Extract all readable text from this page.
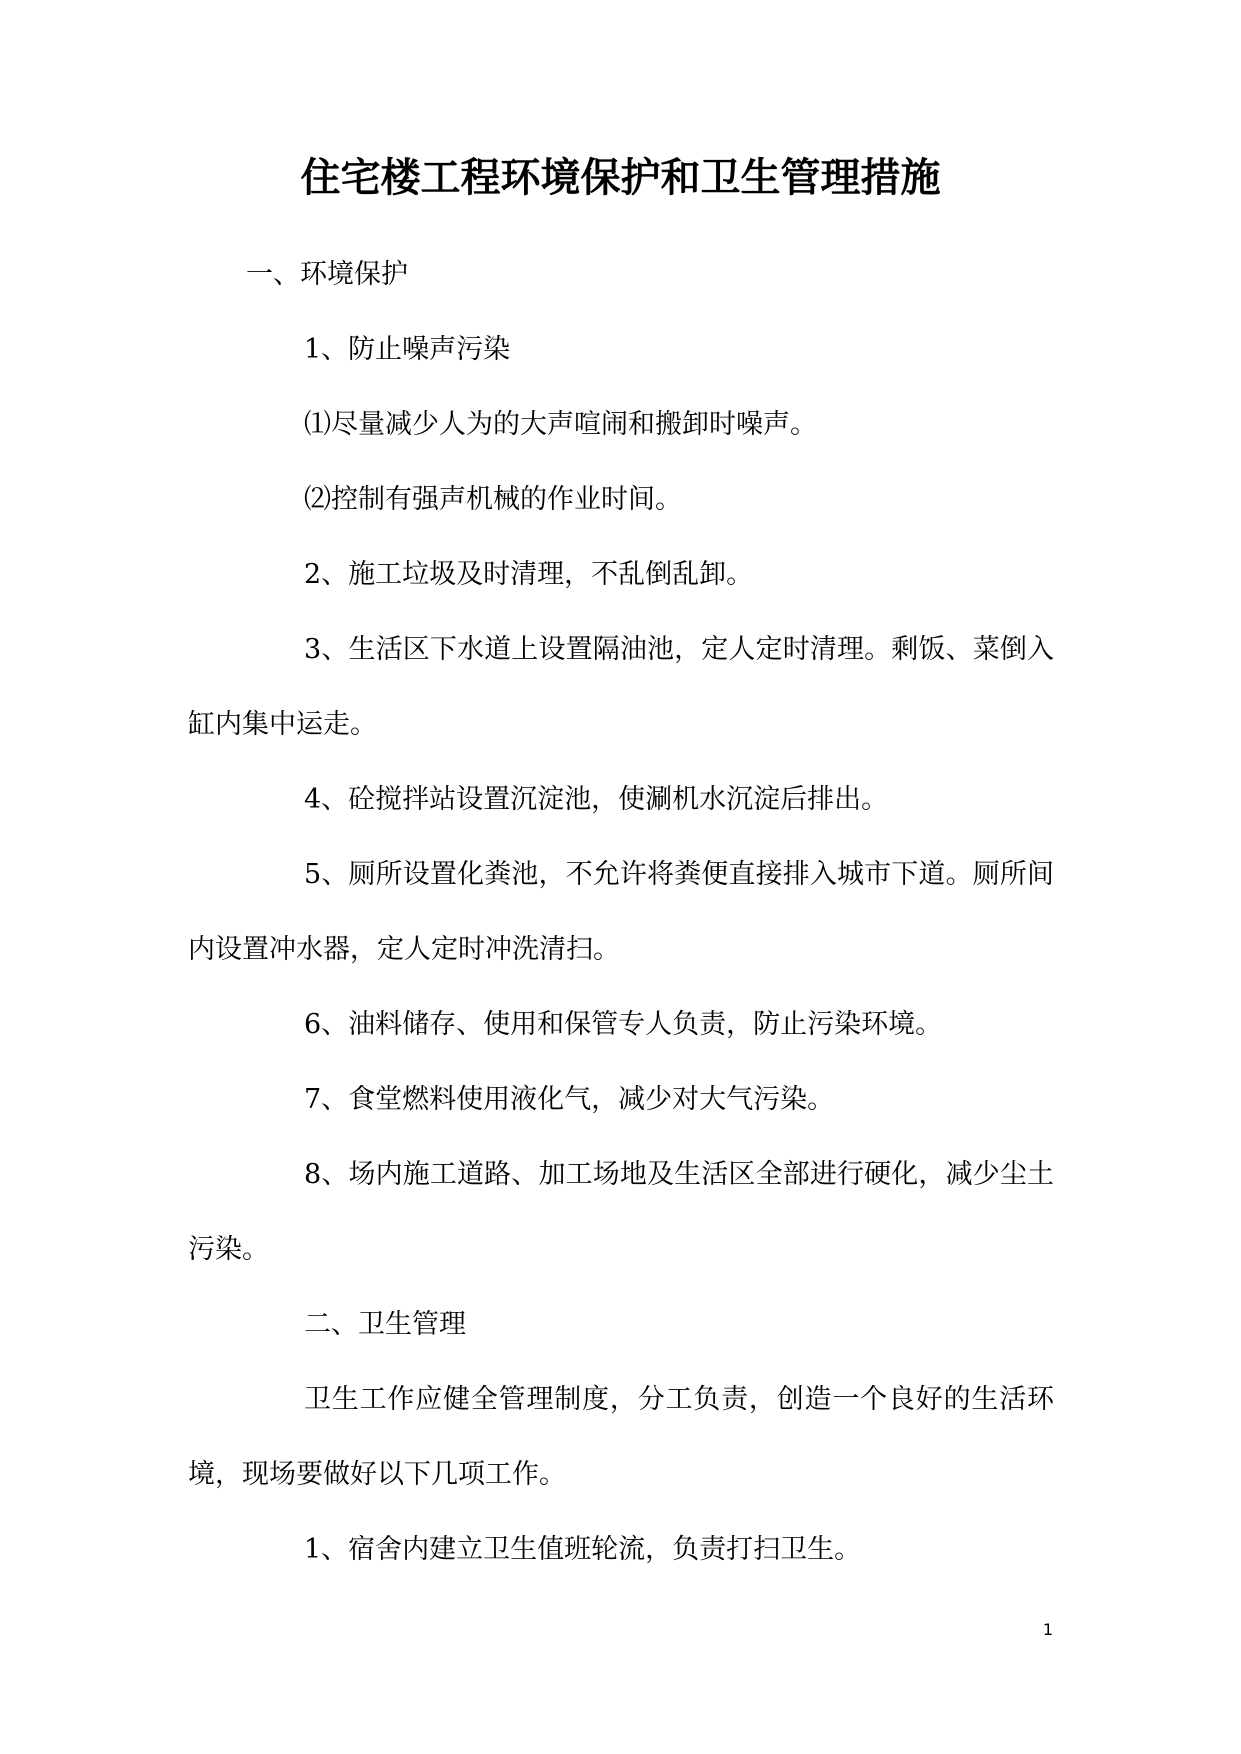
住宅楼工程环境保护和卫生管理措施

一、环境保护

1、防止噪声污染

⑴尽量减少人为的大声喧闹和搬卸时噪声。

⑵控制有强声机械的作业时间。

2、施工垃圾及时清理，不乱倒乱卸。

3、生活区下水道上设置隔油池，定人定时清理。剩饭、菜倒入缸内集中运走。

4、砼搅拌站设置沉淀池，使涮机水沉淀后排出。

5、厕所设置化粪池，不允许将粪便直接排入城市下道。厕所间内设置冲水器，定人定时冲洗清扫。

6、油料储存、使用和保管专人负责，防止污染环境。

7、食堂燃料使用液化气，减少对大气污染。

8、场内施工道路、加工场地及生活区全部进行硬化，减少尘土污染。

二、卫生管理

卫生工作应健全管理制度，分工负责，创造一个良好的生活环境，现场要做好以下几项工作。

1、宿舍内建立卫生值班轮流，负责打扫卫生。

1
